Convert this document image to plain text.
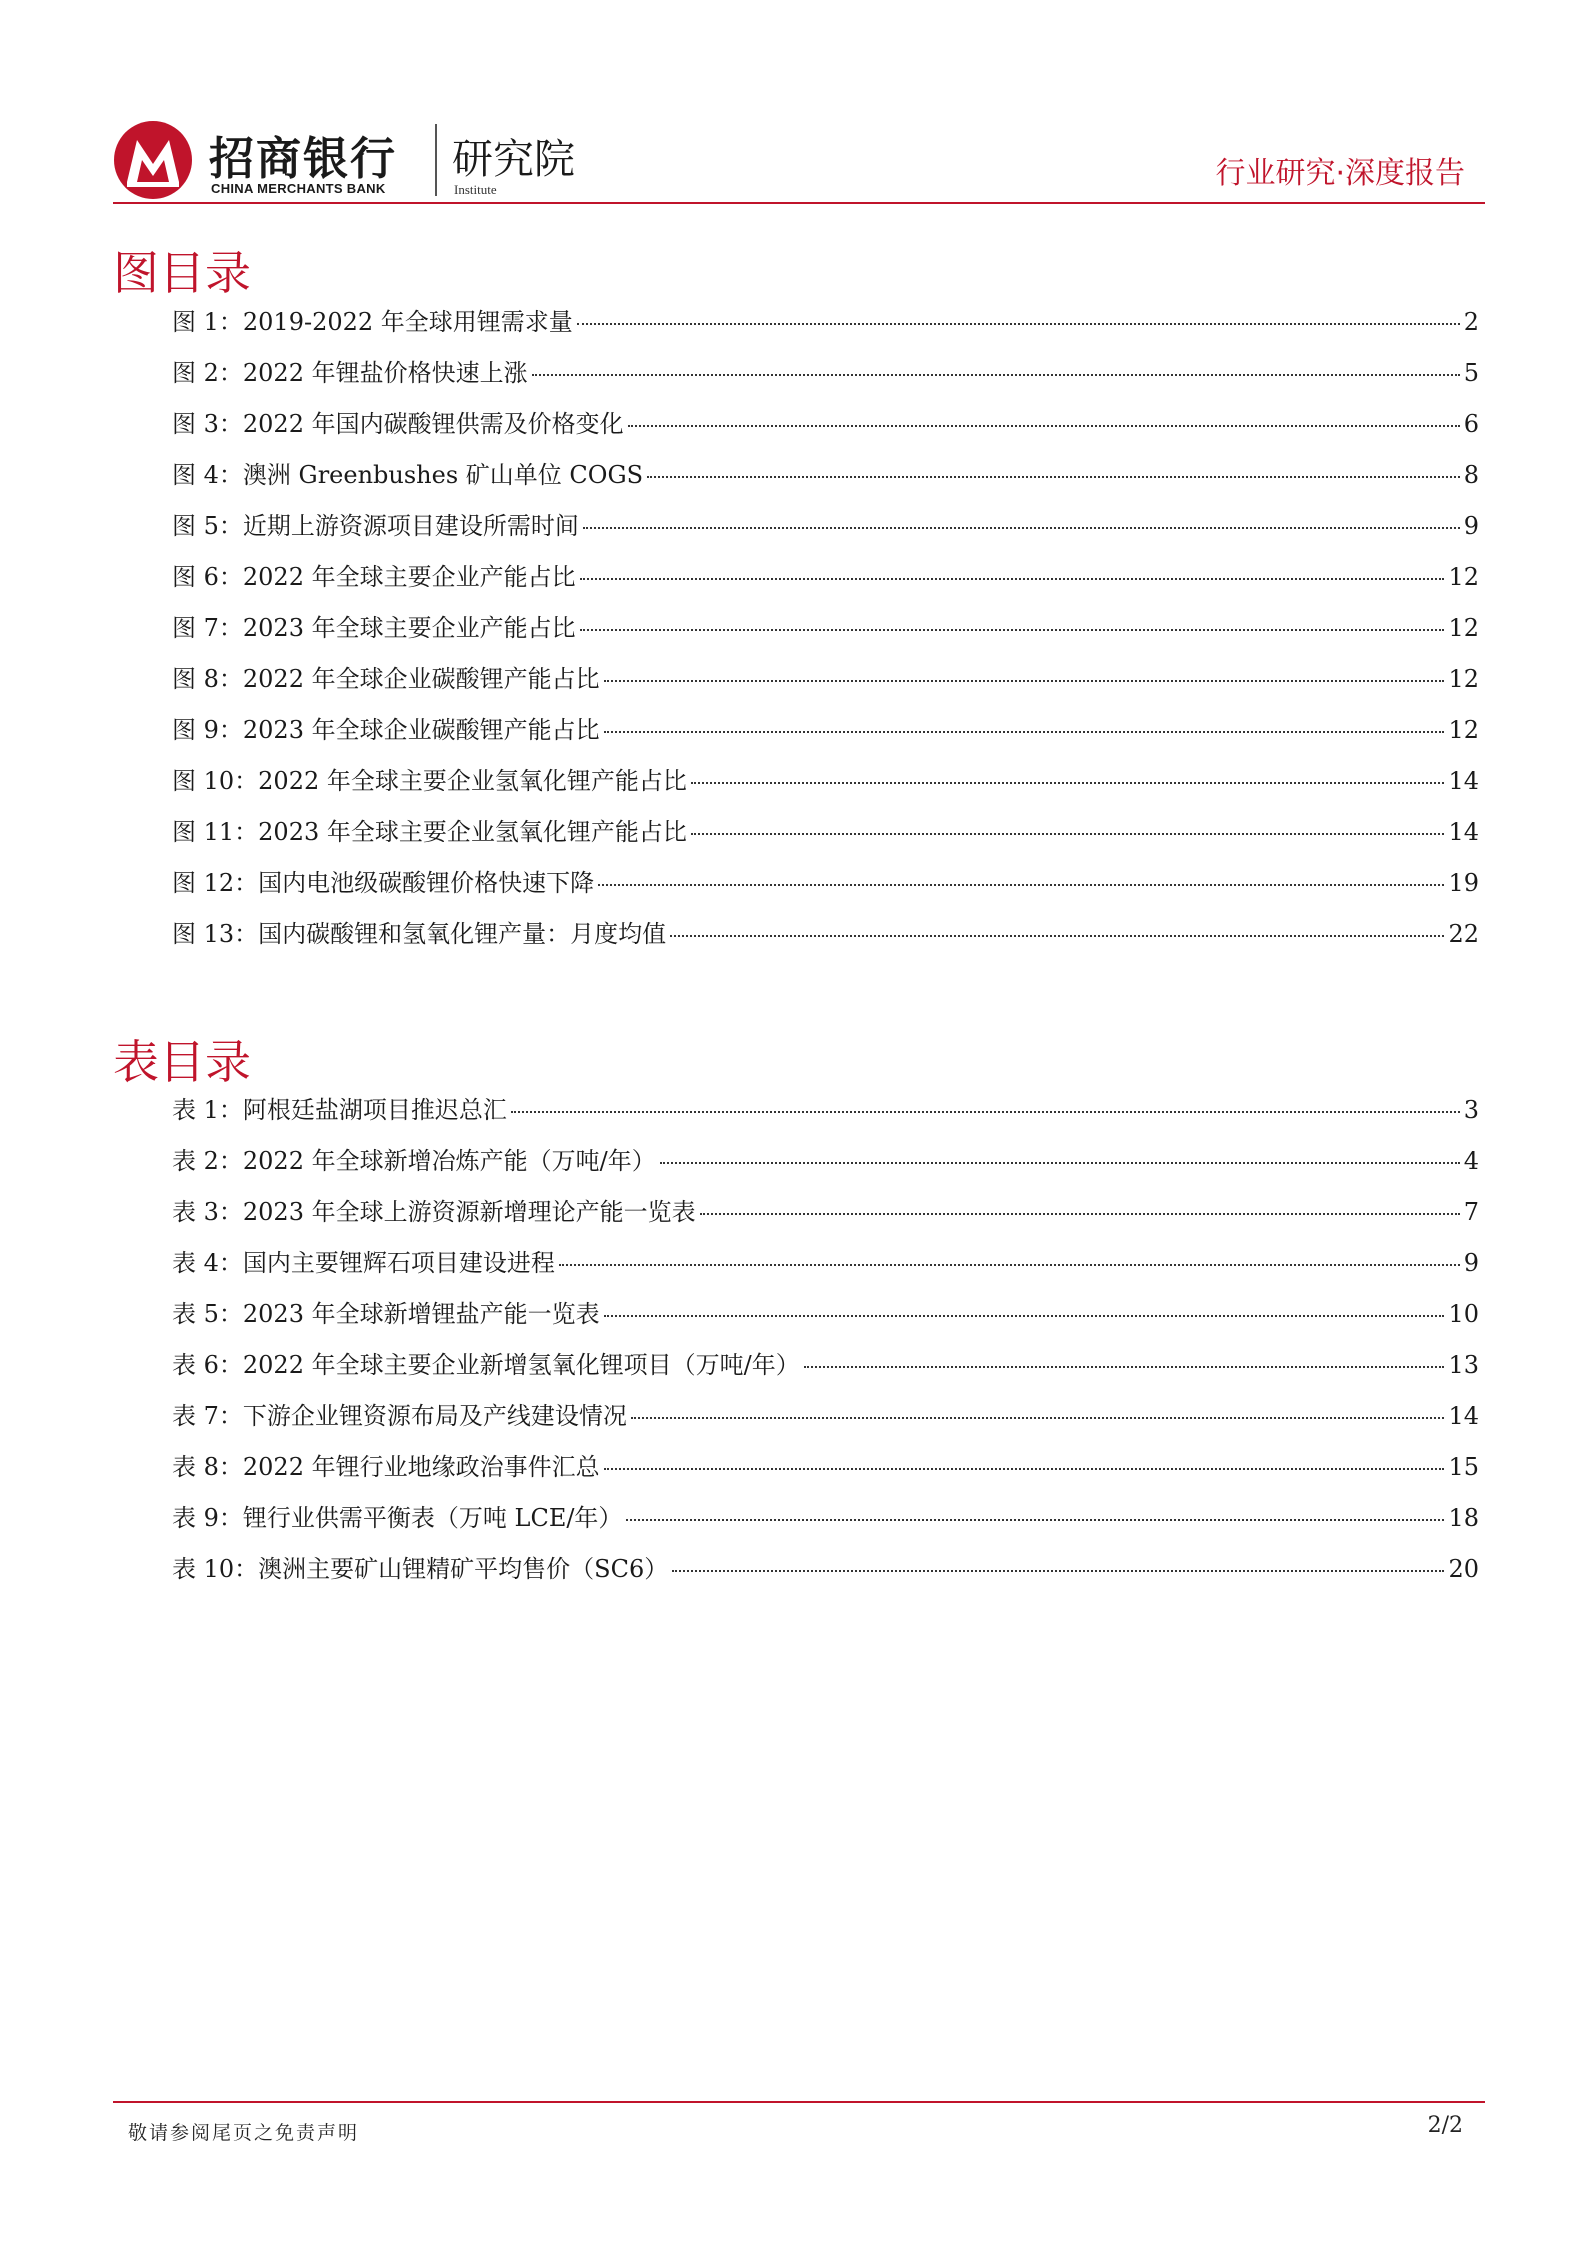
招商银行
CHINA MERCHANTS BANK
研究院
Institute	行业研究·深度报告
图目录
图 1：2019-2022 年全球用锂需求量	2
图 2：2022 年锂盐价格快速上涨	5
图 3：2022 年国内碳酸锂供需及价格变化	6
图 4：澳洲 Greenbushes 矿山单位 COGS	8
图 5：近期上游资源项目建设所需时间	9
图 6：2022 年全球主要企业产能占比	12
图 7：2023 年全球主要企业产能占比	12
图 8：2022 年全球企业碳酸锂产能占比	12
图 9：2023 年全球企业碳酸锂产能占比	12
图 10：2022 年全球主要企业氢氧化锂产能占比	14
图 11：2023 年全球主要企业氢氧化锂产能占比	14
图 12：国内电池级碳酸锂价格快速下降	19
图 13：国内碳酸锂和氢氧化锂产量：月度均值	22
表目录
表 1：阿根廷盐湖项目推迟总汇	3
表 2：2022 年全球新增冶炼产能（万吨/年）	4
表 3：2023 年全球上游资源新增理论产能一览表	7
表 4：国内主要锂辉石项目建设进程	9
表 5：2023 年全球新增锂盐产能一览表	10
表 6：2022 年全球主要企业新增氢氧化锂项目（万吨/年）	13
表 7：下游企业锂资源布局及产线建设情况	14
表 8：2022 年锂行业地缘政治事件汇总	15
表 9：锂行业供需平衡表（万吨 LCE/年）	18
表 10：澳洲主要矿山锂精矿平均售价（SC6）	20
敬请参阅尾页之免责声明	2/2
